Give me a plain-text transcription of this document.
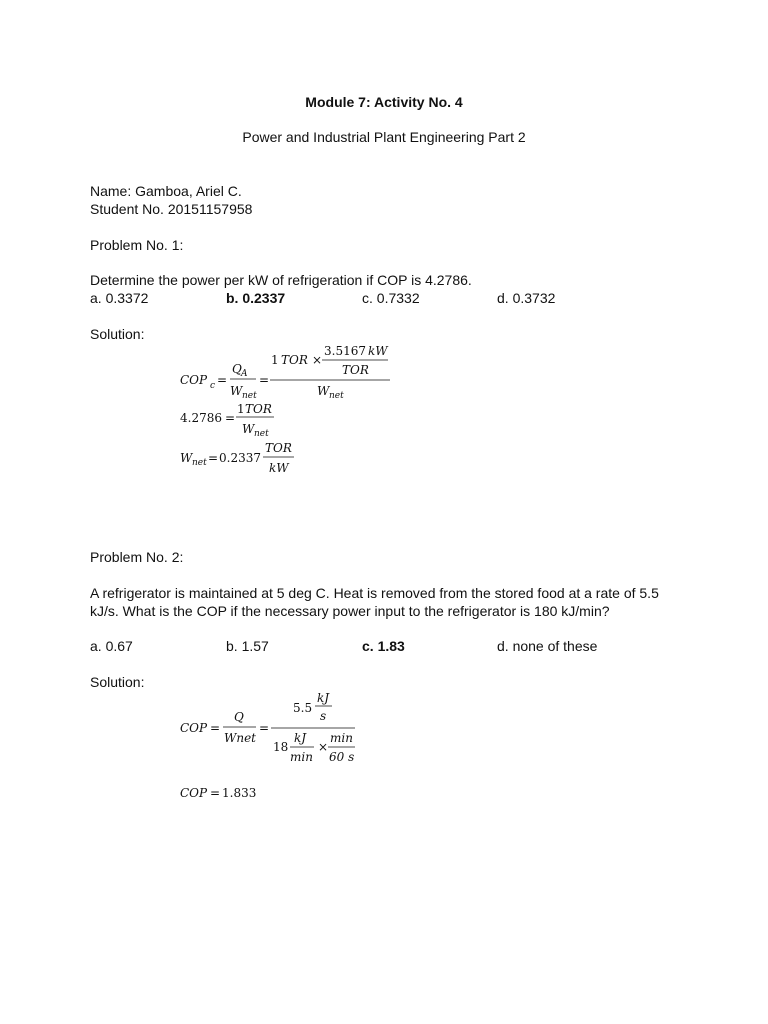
Module 7: Activity No. 4
Power and Industrial Plant Engineering Part 2
Name: Gamboa, Ariel C.
Student No. 20151157958
Problem No. 1:
Determine the power per kW of refrigeration if COP is 4.2786.
a. 0.3372	b. 0.2337	c. 0.7332	d. 0.3732
Solution:
COP c =
Q A
W net
=
1 TOR ×
3.5167 kW
TOR
W net
4.2786 =
1 TOR
W net
W net = 0.2337
TOR
kW
Problem No. 2:
A refrigerator is maintained at 5 deg C. Heat is removed from the stored food at a rate of 5.5 kJ/s. What is the COP if the necessary power input to the refrigerator is 180 kJ/min?
a. 0.67	b. 1.57	c. 1.83	d. none of these
Solution:
COP =
Q
Wnet
=
5.5
kJ
s
18
kJ
min
×
min
60 s
COP = 1.833
